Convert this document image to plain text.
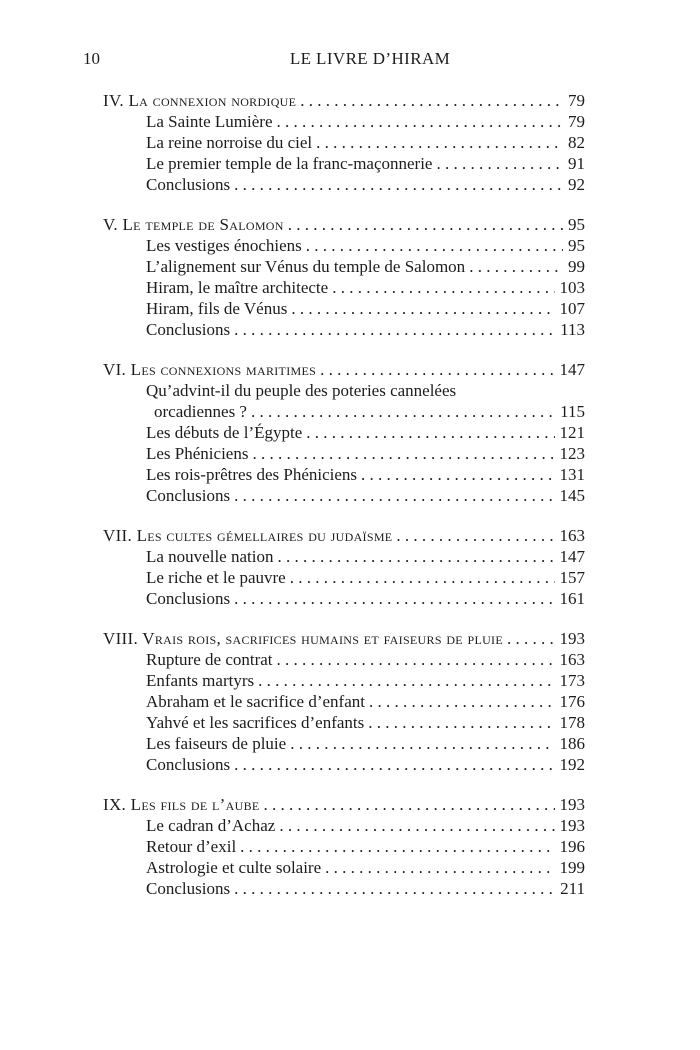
10	LE LIVRE D’HIRAM
IV. La connexion nordique . . .	79
La Sainte Lumière . . .	79
La reine norroise du ciel . . .	82
Le premier temple de la franc-maçonnerie . . .	91
Conclusions . . .	92
V. Le temple de Salomon . . .	95
Les vestiges énochiens . . .	95
L’alignement sur Vénus du temple de Salomon . . .	99
Hiram, le maître architecte . . .	103
Hiram, fils de Vénus . . .	107
Conclusions . . .	113
VI. Les connexions maritimes . . .	147
Qu’advint-il du peuple des poteries cannelées
orcadiennes ? . . .	115
Les débuts de l’Égypte . . .	121
Les Phéniciens . . .	123
Les rois-prêtres des Phéniciens . . .	131
Conclusions . . .	145
VII. Les cultes gémellaires du judaïsme . . .	163
La nouvelle nation . . .	147
Le riche et le pauvre . . .	157
Conclusions . . .	161
VIII. Vrais rois, sacrifices humains et faiseurs de pluie . . .	193
Rupture de contrat . . .	163
Enfants martyrs . . .	173
Abraham et le sacrifice d’enfant . . .	176
Yahvé et les sacrifices d’enfants . . .	178
Les faiseurs de pluie . . .	186
Conclusions . . .	192
IX. Les fils de l’aube . . .	193
Le cadran d’Achaz . . .	193
Retour d’exil . . .	196
Astrologie et culte solaire . . .	199
Conclusions . . .	211
